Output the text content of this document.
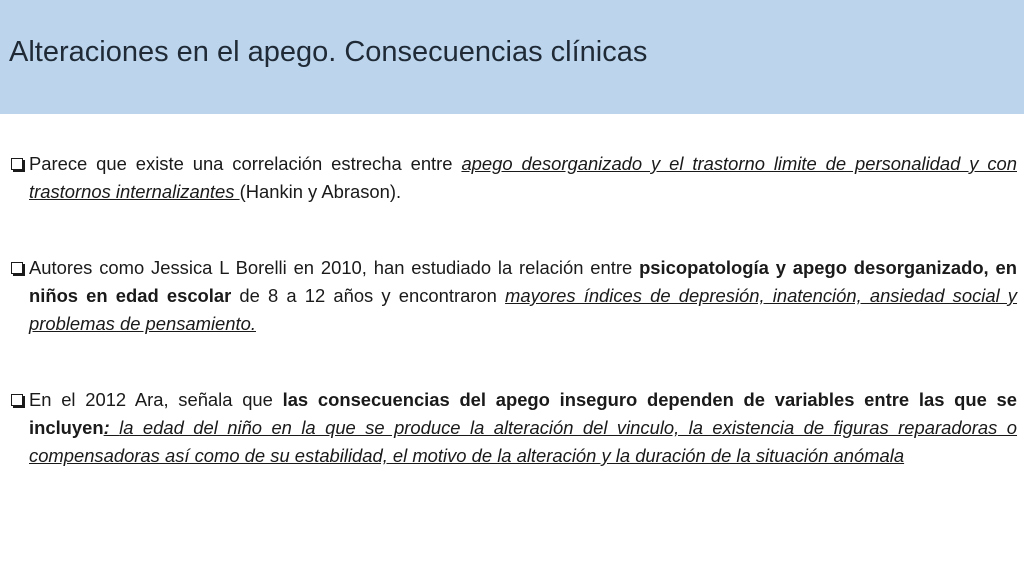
Alteraciones en el apego. Consecuencias clínicas

Parece que existe una correlación estrecha entre apego desorganizado y el trastorno limite de personalidad y con trastornos internalizantes (Hankin y Abrason).

Autores como Jessica L Borelli en 2010, han estudiado la relación entre psicopatología y apego desorganizado, en niños en edad escolar de 8 a 12 años y encontraron mayores índices de depresión, inatención, ansiedad social y problemas de pensamiento.

En el 2012 Ara, señala que las consecuencias del apego inseguro dependen de variables entre las que se incluyen: la edad del niño en la que se produce la alteración del vinculo, la existencia de figuras reparadoras o compensadoras así como de su estabilidad, el motivo de la alteración y la duración de la situación anómala
